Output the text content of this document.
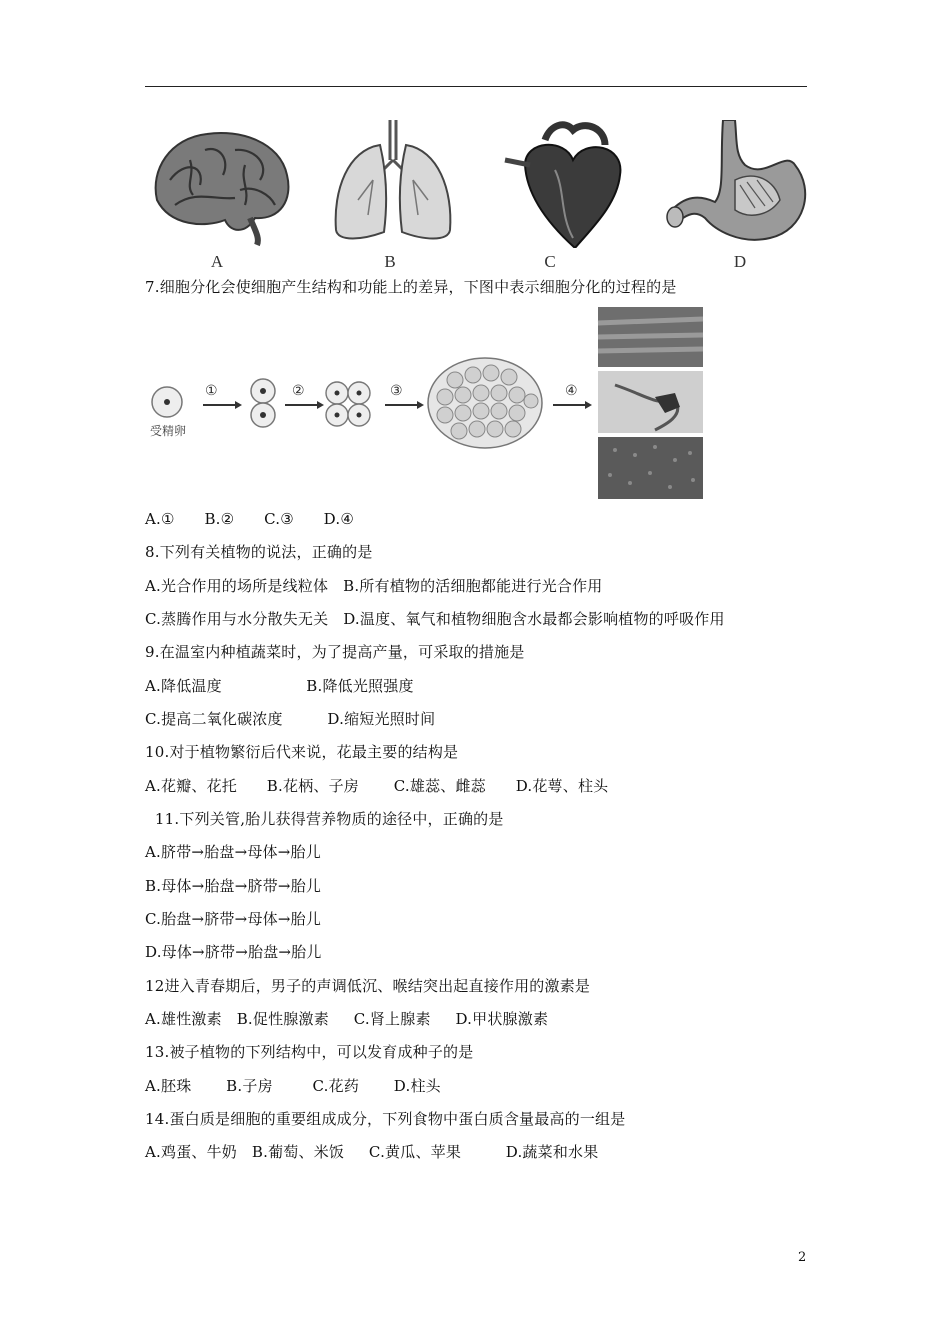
A	B	C	D
7.细胞分化会使细胞产生结构和功能上的差异，下图中表示细胞分化的过程的是
受精卵
①	②	③	④
A.①      B.②      C.③      D.④
8.下列有关植物的说法，正确的是
A.光合作用的场所是线粒体   B.所有植物的活细胞都能进行光合作用
C.蒸腾作用与水分散失无关   D.温度、氧气和植物细胞含水最都会影响植物的呼吸作用
9.在温室内种植蔬菜时，为了提高产量，可采取的措施是
A.降低温度                 B.降低光照强度
C.提高二氧化碳浓度         D.缩短光照时间
10.对于植物繁衍后代来说，花最主要的结构是
A.花瓣、花托      B.花柄、子房       C.雄蕊、雌蕊      D.花萼、柱头
11.下列关管,胎儿获得营养物质的途径中，正确的是
A.脐带→胎盘→母体→胎儿
B.母体→胎盘→脐带→胎儿
C.胎盘→脐带→母体→胎儿
D.母体→脐带→胎盘→胎儿
12进入青春期后，男子的声调低沉、喉结突出起直接作用的激素是
A.雄性激素   B.促性腺激素     C.肾上腺素     D.甲状腺激素
13.被子植物的下列结构中，可以发育成种子的是
A.胚珠       B.子房        C.花药       D.柱头
14.蛋白质是细胞的重要组成成分，下列食物中蛋白质含量最高的一组是
A.鸡蛋、牛奶   B.葡萄、米饭     C.黄瓜、苹果         D.蔬菜和水果
2
